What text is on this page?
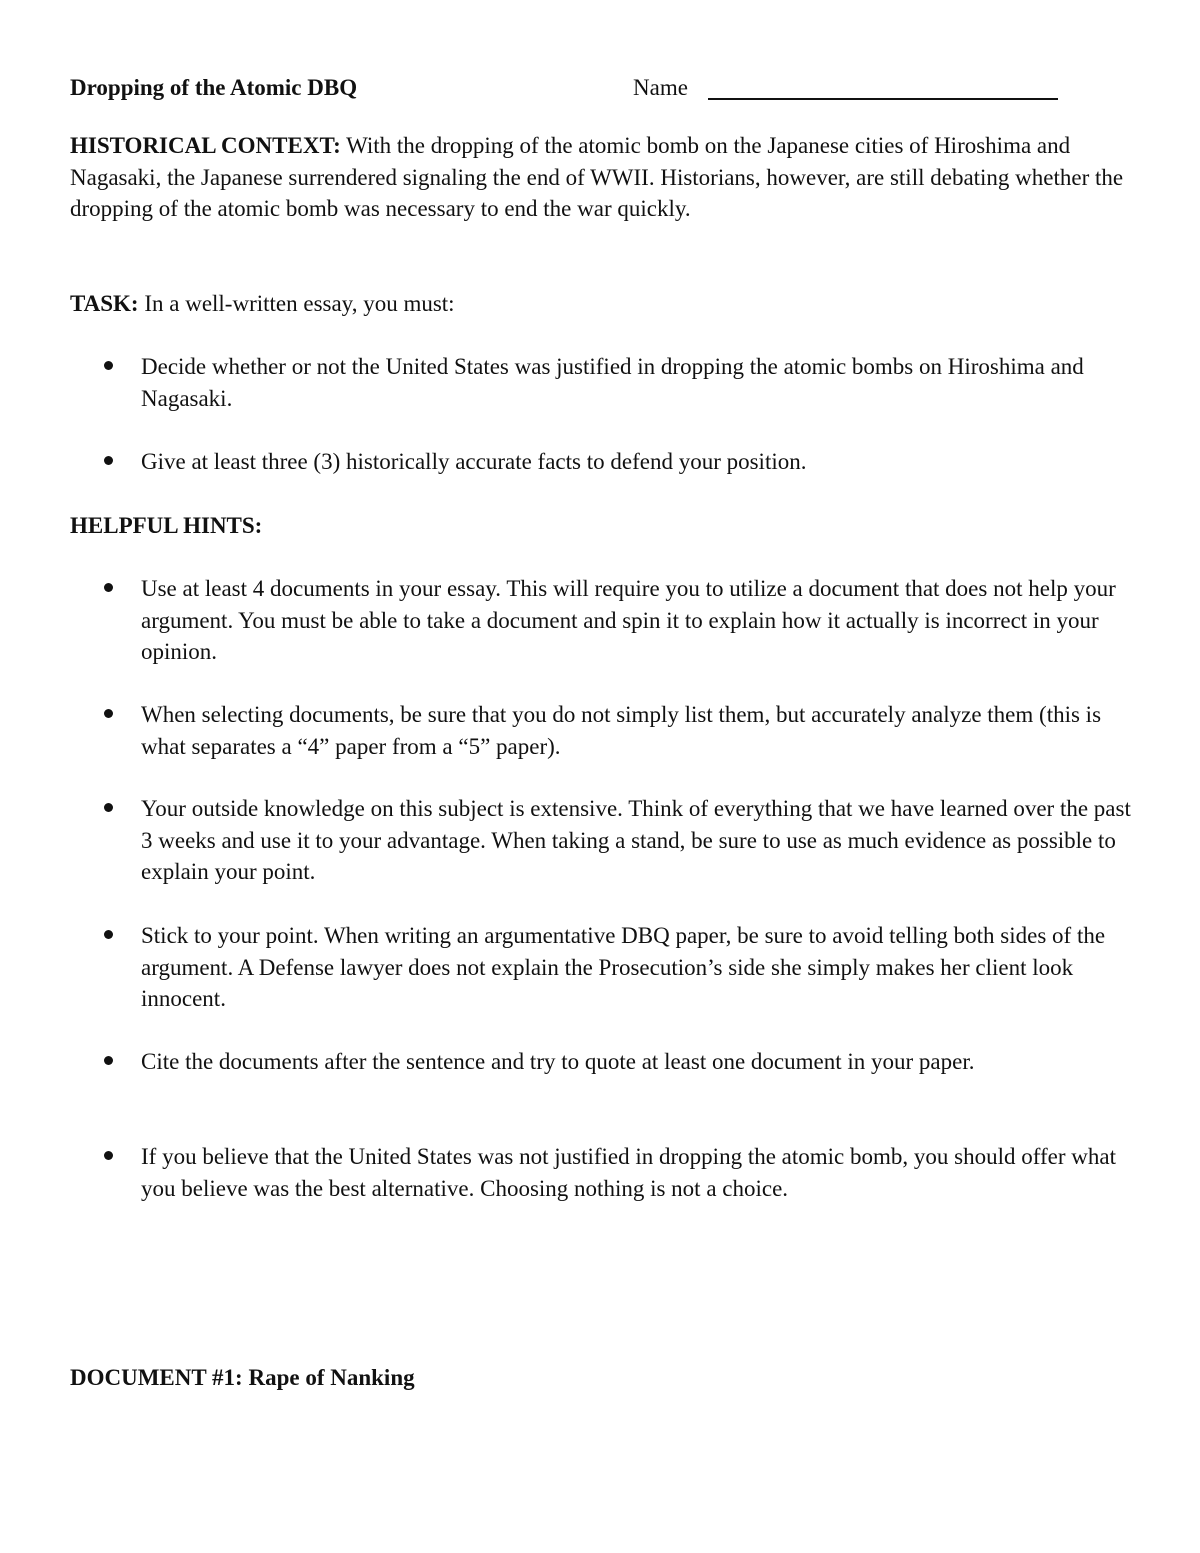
Dropping of the Atomic DBQ	Name

HISTORICAL CONTEXT: With the dropping of the atomic bomb on the Japanese cities of Hiroshima and Nagasaki, the Japanese surrendered signaling the end of WWII. Historians, however, are still debating whether the dropping of the atomic bomb was necessary to end the war quickly.

TASK: In a well-written essay, you must:

Decide whether or not the United States was justified in dropping the atomic bombs on Hiroshima and Nagasaki.
Give at least three (3) historically accurate facts to defend your position.
HELPFUL HINTS:
Use at least 4 documents in your essay. This will require you to utilize a document that does not help your argument. You must be able to take a document and spin it to explain how it actually is incorrect in your opinion.
When selecting documents, be sure that you do not simply list them, but accurately analyze them (this is what separates a “4” paper from a “5” paper).
Your outside knowledge on this subject is extensive. Think of everything that we have learned over the past 3 weeks and use it to your advantage. When taking a stand, be sure to use as much evidence as possible to explain your point.
Stick to your point. When writing an argumentative DBQ paper, be sure to avoid telling both sides of the argument. A Defense lawyer does not explain the Prosecution’s side she simply makes her client look innocent.
Cite the documents after the sentence and try to quote at least one document in your paper.
If you believe that the United States was not justified in dropping the atomic bomb, you should offer what you believe was the best alternative. Choosing nothing is not a choice.
DOCUMENT #1: Rape of Nanking
